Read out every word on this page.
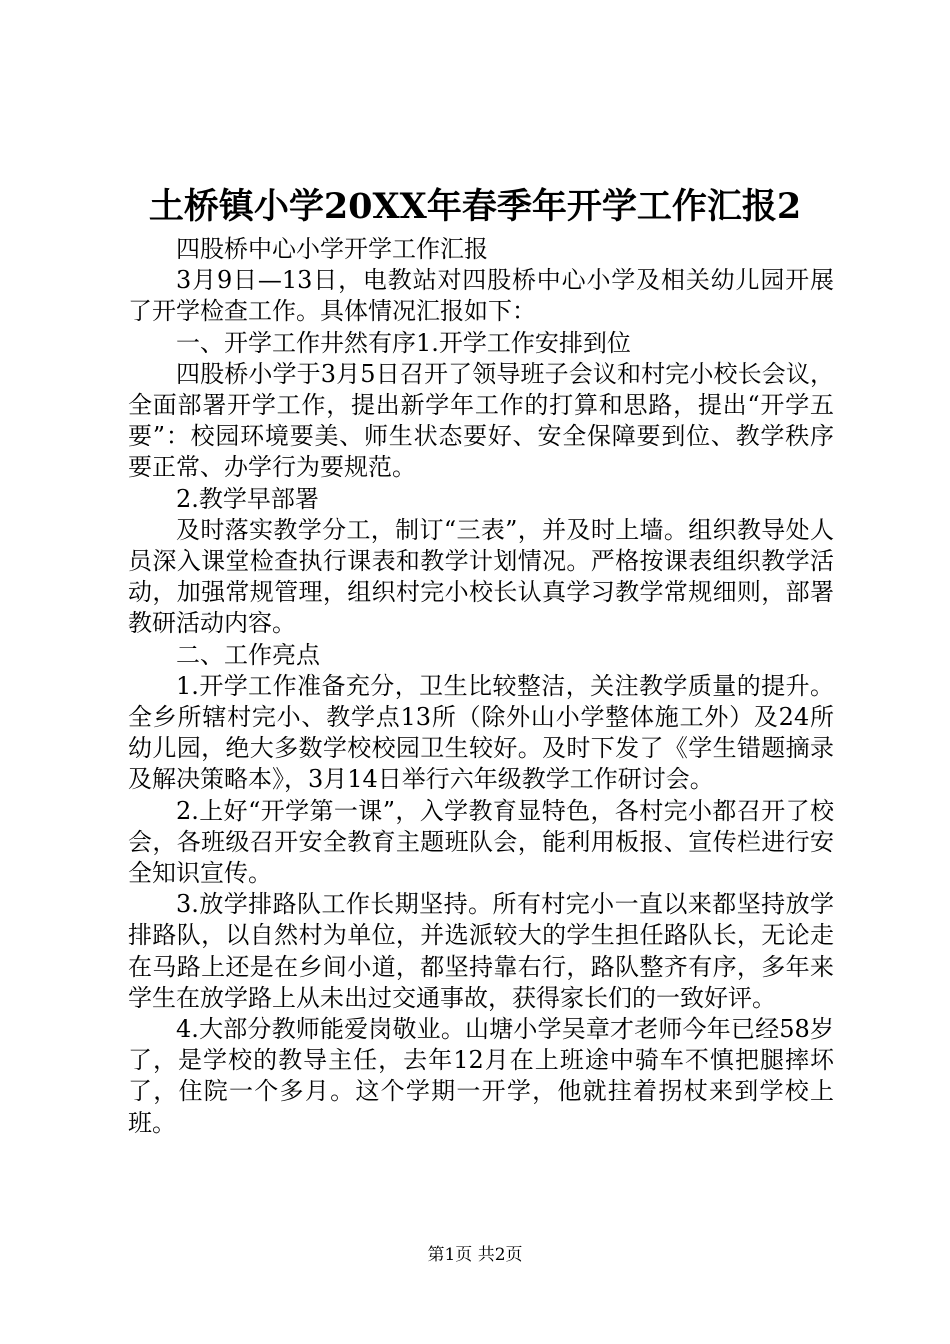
土桥镇小学20XX年春季年开学工作汇报2

四股桥中心小学开学工作汇报

3月9日—13日，电教站对四股桥中心小学及相关幼儿园开展了开学检查工作。具体情况汇报如下：

一、开学工作井然有序1.开学工作安排到位

四股桥小学于3月5日召开了领导班子会议和村完小校长会议，全面部署开学工作，提出新学年工作的打算和思路，提出“开学五要”：校园环境要美、师生状态要好、安全保障要到位、教学秩序要正常、办学行为要规范。

2.教学早部署

及时落实教学分工，制订“三表”，并及时上墙。组织教导处人员深入课堂检查执行课表和教学计划情况。严格按课表组织教学活动，加强常规管理，组织村完小校长认真学习教学常规细则，部署教研活动内容。

二、工作亮点

1.开学工作准备充分，卫生比较整洁，关注教学质量的提升。全乡所辖村完小、教学点13所（除外山小学整体施工外）及24所幼儿园，绝大多数学校校园卫生较好。及时下发了《学生错题摘录及解决策略本》，3月14日举行六年级教学工作研讨会。

2.上好“开学第一课”，入学教育显特色，各村完小都召开了校会，各班级召开安全教育主题班队会，能利用板报、宣传栏进行安全知识宣传。

3.放学排路队工作长期坚持。所有村完小一直以来都坚持放学排路队，以自然村为单位，并选派较大的学生担任路队长，无论走在马路上还是在乡间小道，都坚持靠右行，路队整齐有序，多年来学生在放学路上从未出过交通事故，获得家长们的一致好评。

4.大部分教师能爱岗敬业。山塘小学吴章才老师今年已经58岁了，是学校的教导主任，去年12月在上班途中骑车不慎把腿摔坏了，住院一个多月。这个学期一开学，他就拄着拐杖来到学校上班。

第1页 共2页
